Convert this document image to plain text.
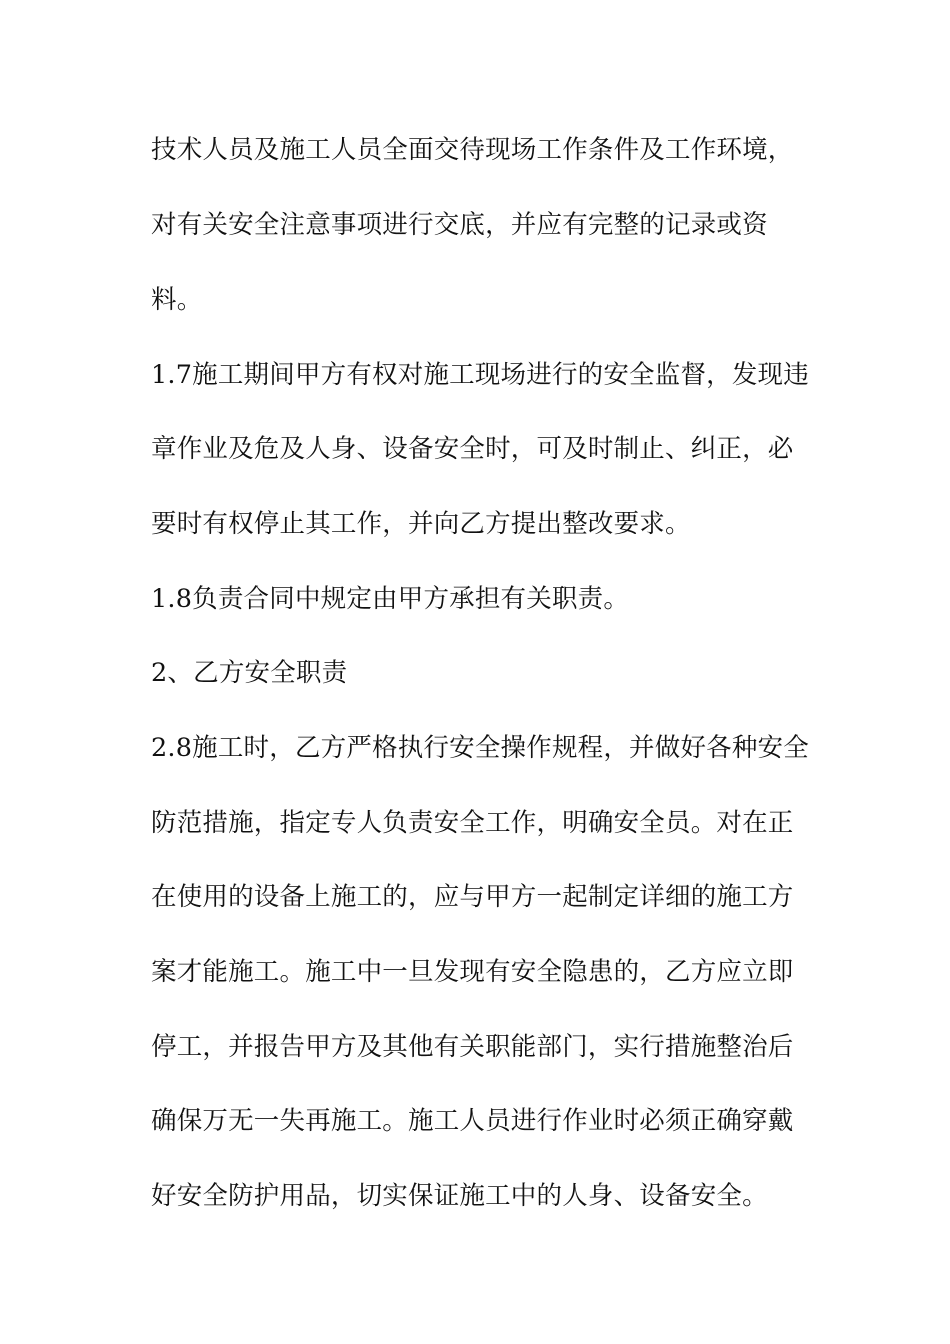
技术人员及施工人员全面交待现场工作条件及工作环境，
对有关安全注意事项进行交底，并应有完整的记录或资
料。
1.7施工期间甲方有权对施工现场进行的安全监督，发现违
章作业及危及人身、设备安全时，可及时制止、纠正，必
要时有权停止其工作，并向乙方提出整改要求。
1.8负责合同中规定由甲方承担有关职责。
2、乙方安全职责
2.8施工时，乙方严格执行安全操作规程，并做好各种安全
防范措施，指定专人负责安全工作，明确安全员。对在正
在使用的设备上施工的，应与甲方一起制定详细的施工方
案才能施工。施工中一旦发现有安全隐患的，乙方应立即
停工，并报告甲方及其他有关职能部门，实行措施整治后
确保万无一失再施工。施工人员进行作业时必须正确穿戴
好安全防护用品，切实保证施工中的人身、设备安全。
